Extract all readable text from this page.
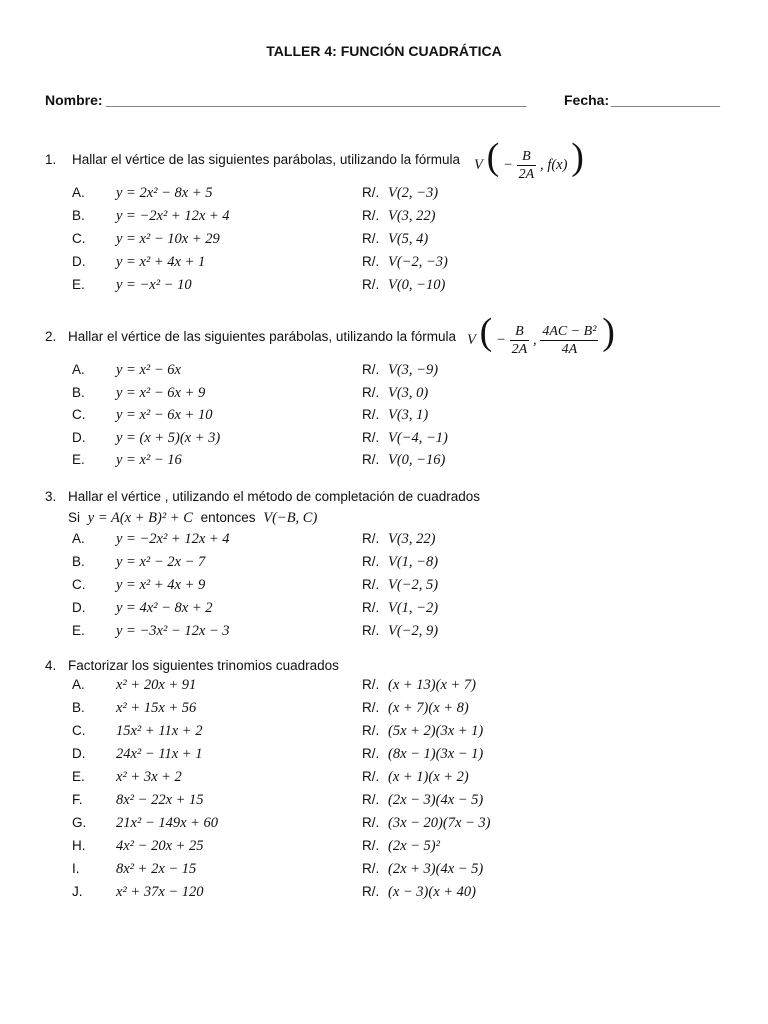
TALLER 4: FUNCIÓN CUADRÁTICA
Nombre: ______________________________________________________	Fecha: ______________
1. Hallar el vértice de las siguientes parábolas, utilizando la fórmula V ( − $\frac{B}{2A}$ , f(x) )
A. y = 2x² − 8x + 5	R/. V(2, −3)
B. y = −2x² + 12x + 4	R/. V(3, 22)
C. y = x² − 10x + 29	R/. V(5, 4)
D. y = x² + 4x + 1	R/. V(−2, −3)
E. y = −x² − 10	R/. V(0, −10)
2. Hallar el vértice de las siguientes parábolas, utilizando la fórmula V ( − $\frac{B}{2A}$ , $\frac{\text{4AC − B²}}{4A}$ )
A. y = x² − 6x	R/. V(3, −9)
B. y = x² − 6x + 9	R/. V(3, 0)
C. y = x² − 6x + 10	R/. V(3, 1)
D. y = (x + 5)(x + 3)	R/. V(−4, −1)
E. y = x² − 16	R/. V(0, −16)
3. Hallar el vértice , utilizando el método de completación de cuadrados
Si y = A(x + B)² + C entonces V(−B, C)
A. y = −2x² + 12x + 4	R/. V(3, 22)
B. y = x² − 2x − 7	R/. V(1, −8)
C. y = x² + 4x + 9	R/. V(−2, 5)
D. y = 4x² − 8x + 2	R/. V(1, −2)
E. y = −3x² − 12x − 3	R/. V(−2, 9)
4. Factorizar los siguientes trinomios cuadrados
A. x² + 20x + 91	R/. (x + 13)(x + 7)
B. x² + 15x + 56	R/. (x + 7)(x + 8)
C. 15x² + 11x + 2	R/. (5x + 2)(3x + 1)
D. 24x² − 11x + 1	R/. (8x − 1)(3x − 1)
E. x² + 3x + 2	R/. (x + 1)(x + 2)
F. 8x² − 22x + 15	R/. (2x − 3)(4x − 5)
G. 21x² − 149x + 60	R/. (3x − 20)(7x − 3)
H. 4x² − 20x + 25	R/. (2x − 5)²
I.	8x² + 2x − 15	R/. (2x + 3)(4x − 5)
J. x² + 37x − 120	R/. (x − 3)(x + 40)
